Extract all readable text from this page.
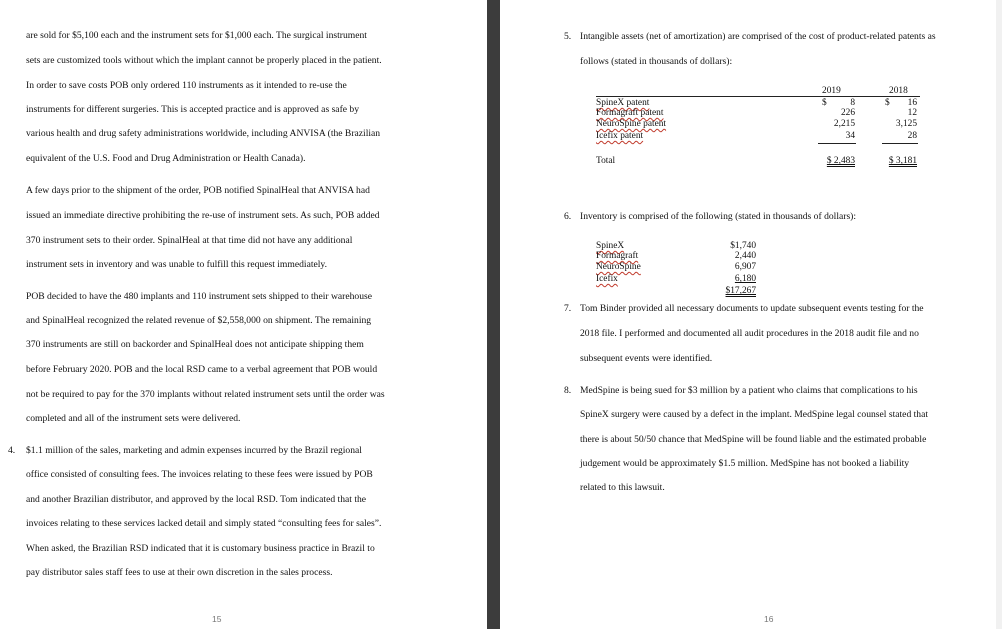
are sold for $5,100 each and the instrument sets for $1,000 each. The surgical instrument
sets are customized tools without which the implant cannot be properly placed in the patient.
In order to save costs POB only ordered 110 instruments as it intended to re-use the
instruments for different surgeries. This is accepted practice and is approved as safe by
various health and drug safety administrations worldwide, including ANVISA (the Brazilian
equivalent of the U.S. Food and Drug Administration or Health Canada).
A few days prior to the shipment of the order, POB notified SpinalHeal that ANVISA had
issued an immediate directive prohibiting the re-use of instrument sets. As such, POB added
370 instrument sets to their order. SpinalHeal at that time did not have any additional
instrument sets in inventory and was unable to fulfill this request immediately.
POB decided to have the 480 implants and 110 instrument sets shipped to their warehouse
and SpinalHeal recognized the related revenue of $2,558,000 on shipment. The remaining
370 instruments are still on backorder and SpinalHeal does not anticipate shipping them
before February 2020. POB and the local RSD came to a verbal agreement that POB would
not be required to pay for the 370 implants without related instrument sets until the order was
completed and all of the instrument sets were delivered.
4. $1.1 million of the sales, marketing and admin expenses incurred by the Brazil regional
office consisted of consulting fees. The invoices relating to these fees were issued by POB
and another Brazilian distributor, and approved by the local RSD. Tom indicated that the
invoices relating to these services lacked detail and simply stated “consulting fees for sales”.
When asked, the Brazilian RSD indicated that it is customary business practice in Brazil to
pay distributor sales staff fees to use at their own discretion in the sales process.
15
5. Intangible assets (net of amortization) are comprised of the cost of product-related patents as
follows (stated in thousands of dollars):
2019	2018
$	$
SpineX patent	8	16
Formagraft patent	226	12
NeuroSpine patent	2,215	3,125
Icefix patent	34	28
Total	$ 2,483	$ 3,181
6. Inventory is comprised of the following (stated in thousands of dollars):
SpineX	$1,740
Formagraft	2,440
NeuroSpine	6,907
Icefix	6,180
$17,267
7. Tom Binder provided all necessary documents to update subsequent events testing for the
2018 file. I performed and documented all audit procedures in the 2018 audit file and no
subsequent events were identified.
8. MedSpine is being sued for $3 million by a patient who claims that complications to his
SpineX surgery were caused by a defect in the implant. MedSpine legal counsel stated that
there is about 50/50 chance that MedSpine will be found liable and the estimated probable
judgement would be approximately $1.5 million. MedSpine has not booked a liability
related to this lawsuit.
16
